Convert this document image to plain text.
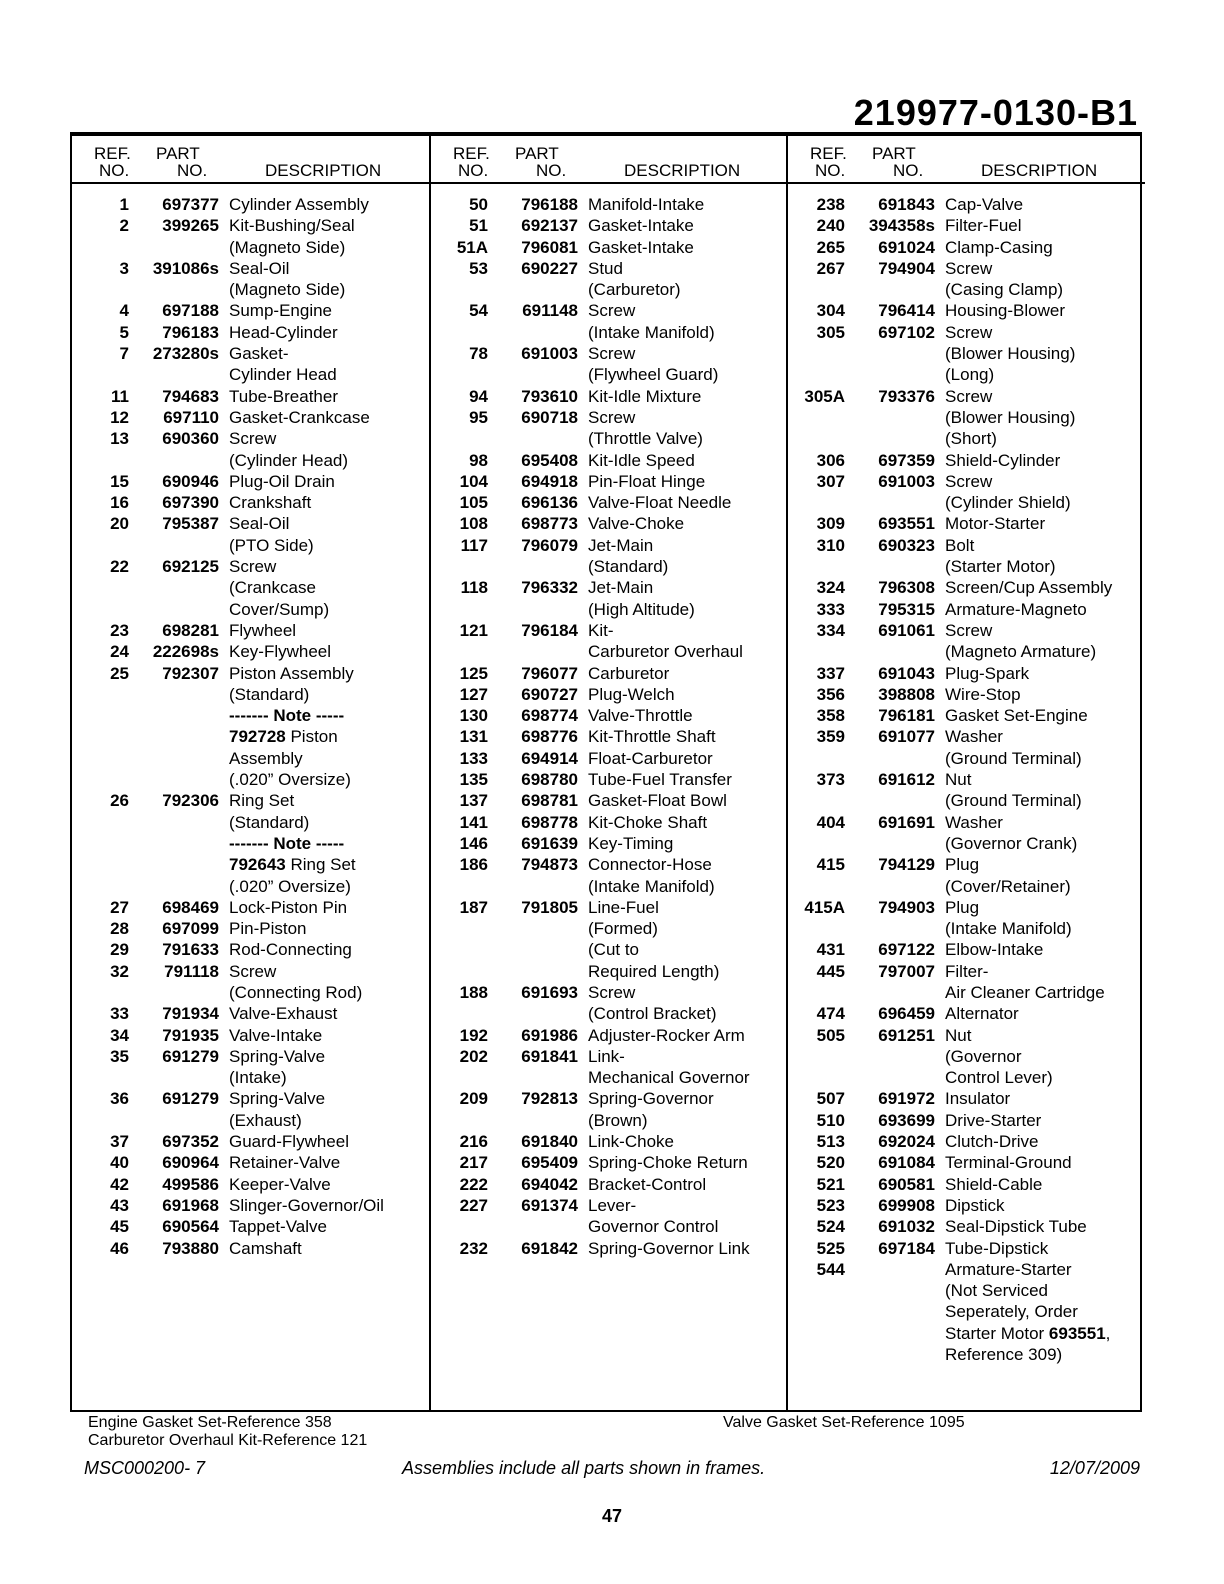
219977-0130-B1
REF.
NO.
PART
NO.	DESCRIPTION
1 697377 Cylinder Assembly
2 399265 Kit-Bushing/Seal
(Magneto Side)
3 391086s Seal-Oil
(Magneto Side)
4 697188 Sump-Engine
5 796183 Head-Cylinder
7 273280s Gasket-
Cylinder Head
11 794683 Tube-Breather
12 697110 Gasket-Crankcase
13 690360 Screw
(Cylinder Head)
15 690946 Plug-Oil Drain
16 697390 Crankshaft
20 795387 Seal-Oil
(PTO Side)
22 692125 Screw
(Crankcase
Cover/Sump)
23 698281 Flywheel
24 222698s Key-Flywheel
25 792307 Piston Assembly
(Standard)
------- Note -----
792728 Piston
Assembly
(.020” Oversize)
26 792306 Ring Set
(Standard)
------- Note -----
792643 Ring Set
(.020” Oversize)
27 698469 Lock-Piston Pin
28 697099 Pin-Piston
29 791633 Rod-Connecting
32 791118 Screw
(Connecting Rod)
33 791934 Valve-Exhaust
34 791935 Valve-Intake
35 691279 Spring-Valve
(Intake)
36 691279 Spring-Valve
(Exhaust)
37 697352 Guard-Flywheel
40 690964 Retainer-Valve
42 499586 Keeper-Valve
43 691968 Slinger-Governor/Oil
45 690564 Tappet-Valve
46 793880 Camshaft
REF.
NO.
PART
NO.	DESCRIPTION
50 796188 Manifold-Intake
51 692137 Gasket-Intake
51A 796081 Gasket-Intake
53 690227 Stud
(Carburetor)
54 691148 Screw
(Intake Manifold)
78 691003 Screw
(Flywheel Guard)
94 793610 Kit-Idle Mixture
95 690718 Screw
(Throttle Valve)
98 695408 Kit-Idle Speed
104 694918 Pin-Float Hinge
105 696136 Valve-Float Needle
108 698773 Valve-Choke
117 796079 Jet-Main
(Standard)
118 796332 Jet-Main
(High Altitude)
121 796184 Kit-
Carburetor Overhaul
125 796077 Carburetor
127 690727 Plug-Welch
130 698774 Valve-Throttle
131 698776 Kit-Throttle Shaft
133 694914 Float-Carburetor
135 698780 Tube-Fuel Transfer
137 698781 Gasket-Float Bowl
141 698778 Kit-Choke Shaft
146 691639 Key-Timing
186 794873 Connector-Hose
(Intake Manifold)
187 791805 Line-Fuel
(Formed)
(Cut to
Required Length)
188 691693 Screw
(Control Bracket)
192 691986 Adjuster-Rocker Arm
202 691841 Link-
Mechanical Governor
209 792813 Spring-Governor
(Brown)
216 691840 Link-Choke
217 695409 Spring-Choke Return
222 694042 Bracket-Control
227 691374 Lever-
Governor Control
232 691842 Spring-Governor Link
REF.
NO.
PART
NO.	DESCRIPTION
238 691843 Cap-Valve
240 394358s Filter-Fuel
265 691024 Clamp-Casing
267 794904 Screw
(Casing Clamp)
304 796414 Housing-Blower
305 697102 Screw
(Blower Housing)
(Long)
305A 793376 Screw
(Blower Housing)
(Short)
306 697359 Shield-Cylinder
307 691003 Screw
(Cylinder Shield)
309 693551 Motor-Starter
310 690323 Bolt
(Starter Motor)
324 796308 Screen/Cup Assembly
333 795315 Armature-Magneto
334 691061 Screw
(Magneto Armature)
337 691043 Plug-Spark
356 398808 Wire-Stop
358 796181 Gasket Set-Engine
359 691077 Washer
(Ground Terminal)
373 691612 Nut
(Ground Terminal)
404 691691 Washer
(Governor Crank)
415 794129 Plug
(Cover/Retainer)
415A 794903 Plug
(Intake Manifold)
431 697122 Elbow-Intake
445 797007 Filter-
Air Cleaner Cartridge
474 696459 Alternator
505 691251 Nut
(Governor
Control Lever)
507 691972 Insulator
510 693699 Drive-Starter
513 692024 Clutch-Drive
520 691084 Terminal-Ground
521 690581 Shield-Cable
523 699908 Dipstick
524 691032 Seal-Dipstick Tube
525 697184 Tube-Dipstick
544	Armature-Starter
(Not Serviced
Seperately, Order
Starter Motor 693551,
Reference 309)
Engine Gasket Set-Reference 358
Carburetor Overhaul Kit-Reference 121
Valve Gasket Set-Reference 1095
MSC000200- 7	Assemblies include all parts shown in frames.	12/07/2009
47
